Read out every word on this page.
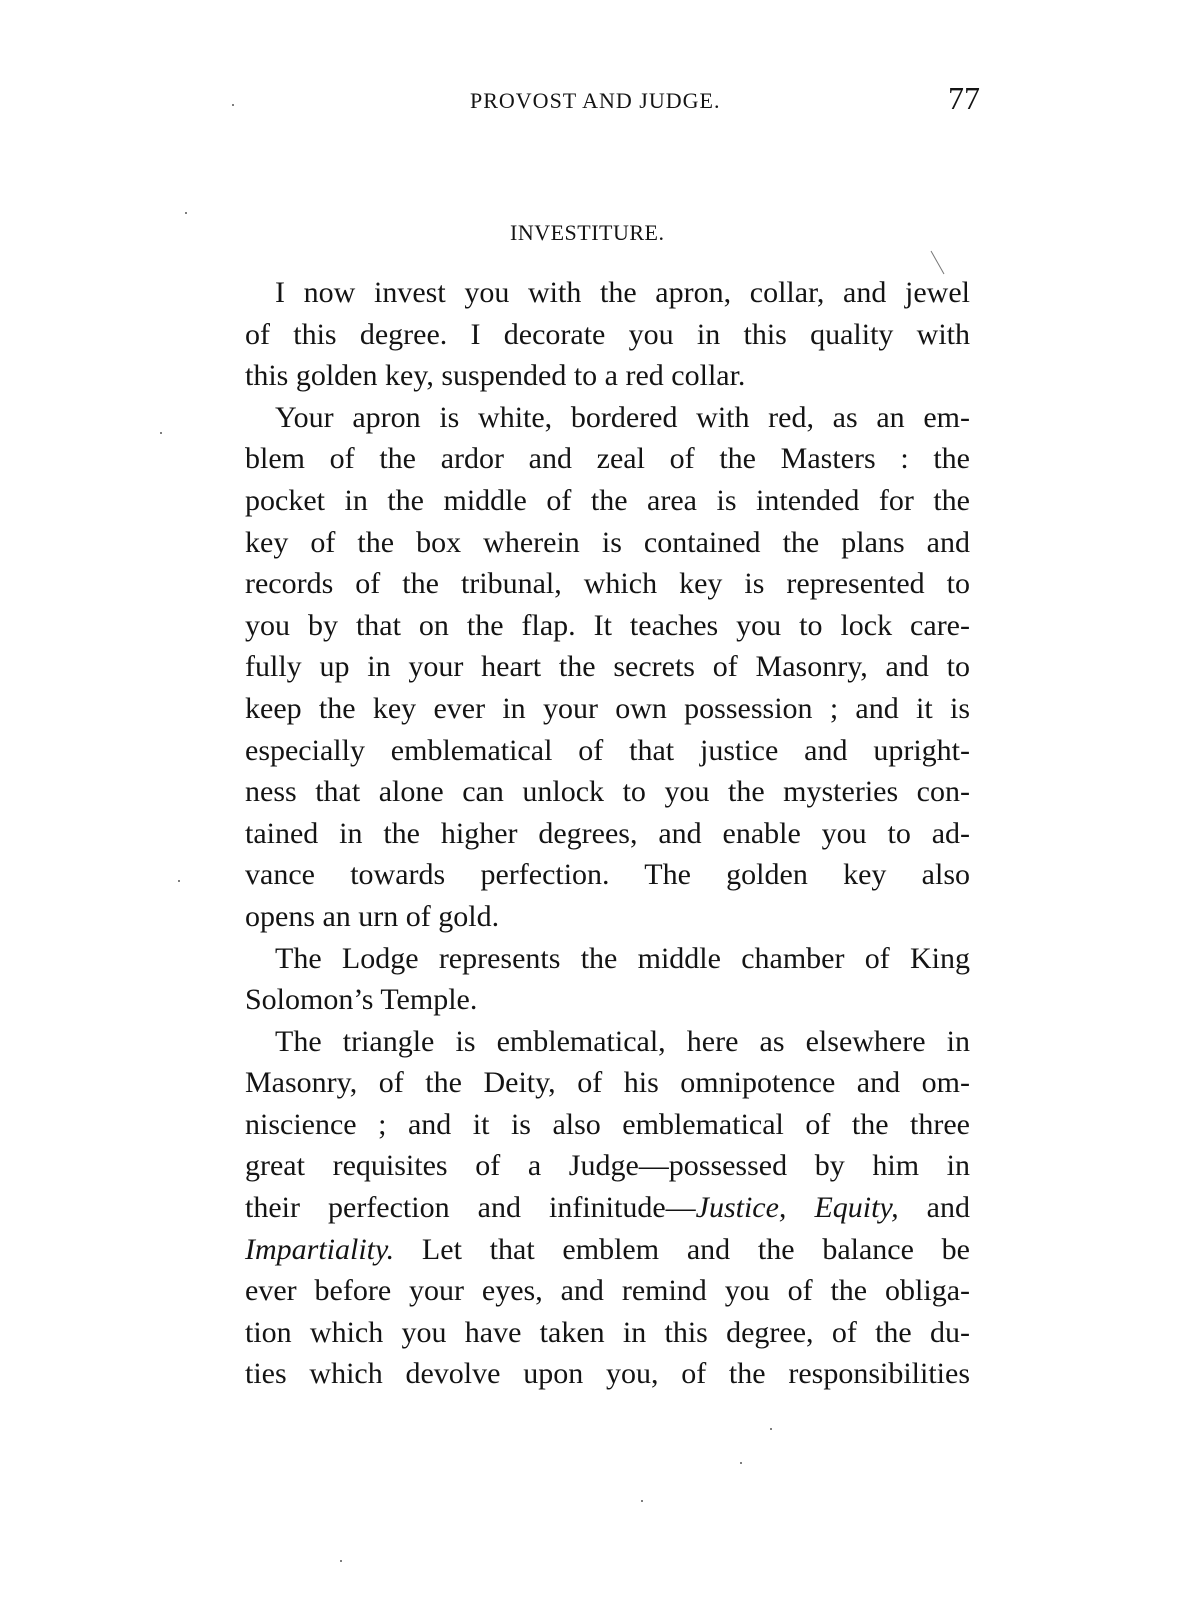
PROVOST AND JUDGE.	77
INVESTITURE.
I now invest you with the apron, collar, and jewel
of this degree. I decorate you in this quality with
this golden key, suspended to a red collar.
Your apron is white, bordered with red, as an em-
blem of the ardor and zeal of the Masters : the
pocket in the middle of the area is intended for the
key of the box wherein is contained the plans and
records of the tribunal, which key is represented to
you by that on the flap. It teaches you to lock care-
fully up in your heart the secrets of Masonry, and to
keep the key ever in your own possession ; and it is
especially emblematical of that justice and upright-
ness that alone can unlock to you the mysteries con-
tained in the higher degrees, and enable you to ad-
vance towards perfection. The golden key also
opens an urn of gold.
The Lodge represents the middle chamber of King
Solomon’s Temple.
The triangle is emblematical, here as elsewhere in
Masonry, of the Deity, of his omnipotence and om-
niscience ; and it is also emblematical of the three
great requisites of a Judge—possessed by him in
their perfection and infinitude—Justice, Equity, and
Impartiality. Let that emblem and the balance be
ever before your eyes, and remind you of the obliga-
tion which you have taken in this degree, of the du-
ties which devolve upon you, of the responsibilities
